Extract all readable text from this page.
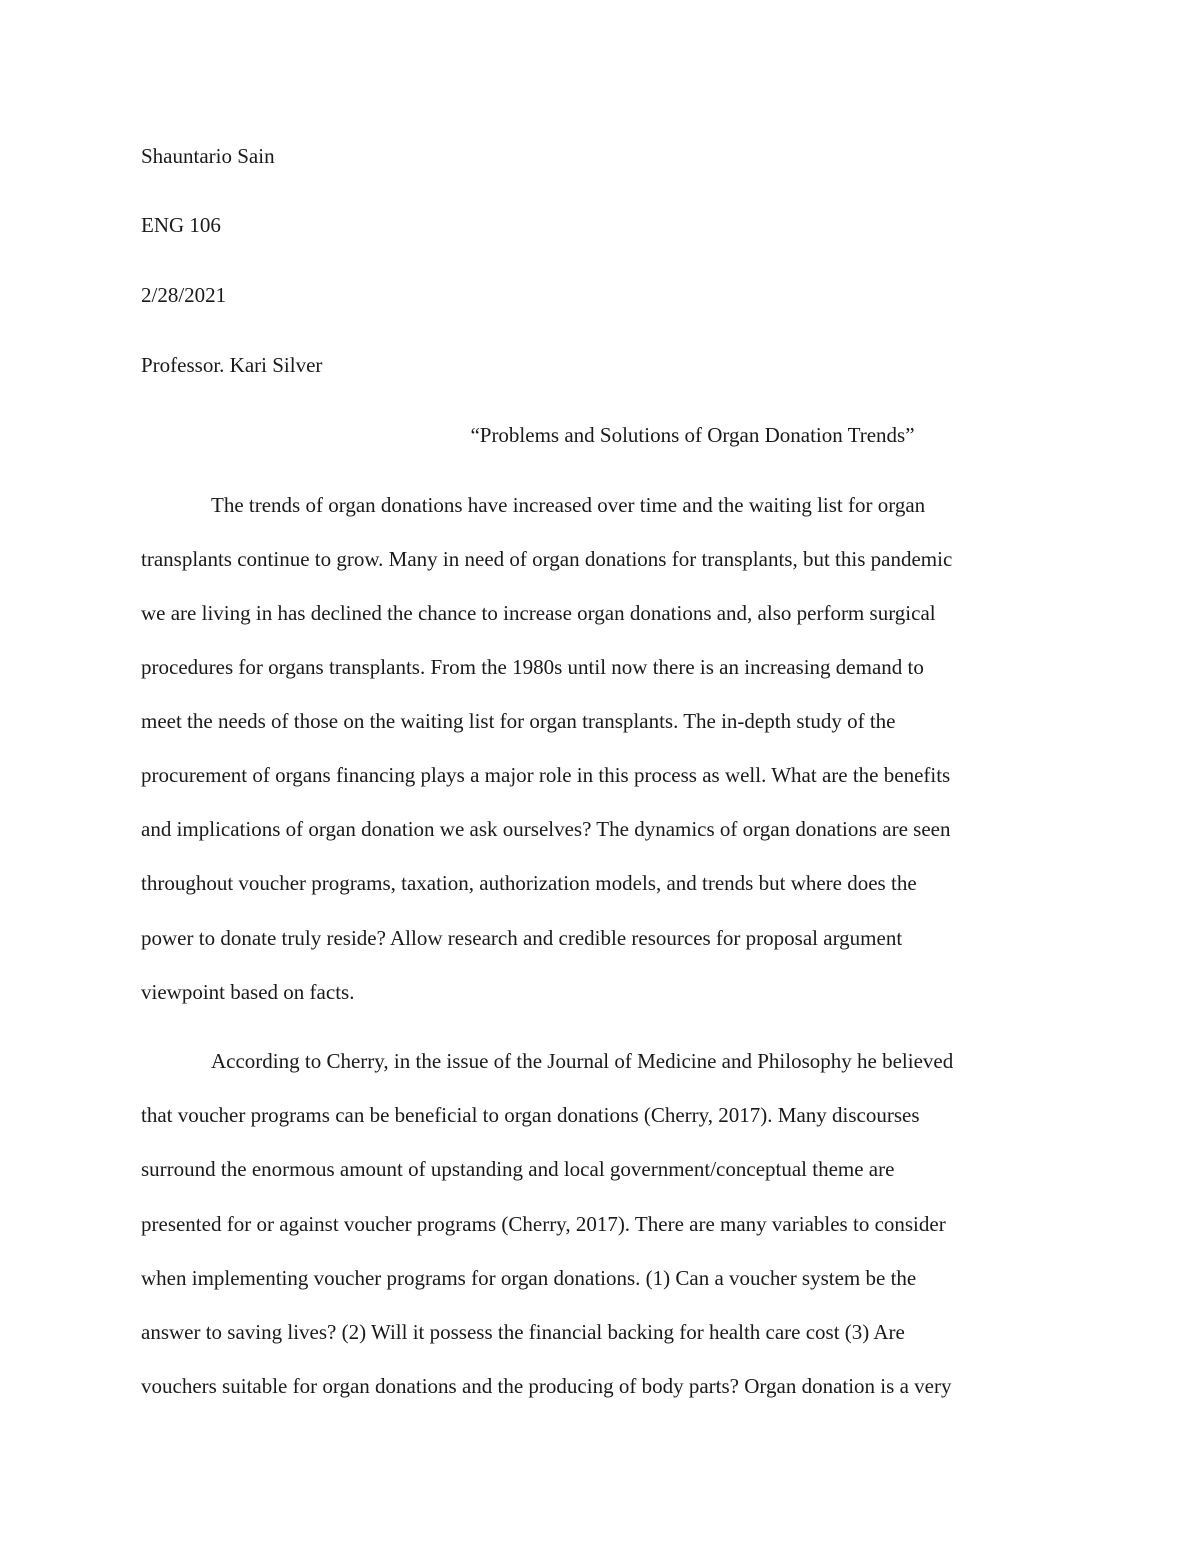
Shauntario Sain
ENG 106
2/28/2021
Professor. Kari Silver
“Problems and Solutions of Organ Donation Trends”
The trends of organ donations have increased over time and the waiting list for organ
transplants continue to grow. Many in need of organ donations for transplants, but this pandemic
we are living in has declined the chance to increase organ donations and, also perform surgical
procedures for organs transplants. From the 1980s until now there is an increasing demand to
meet the needs of those on the waiting list for organ transplants. The in-depth study of the
procurement of organs financing plays a major role in this process as well. What are the benefits
and implications of organ donation we ask ourselves? The dynamics of organ donations are seen
throughout voucher programs, taxation, authorization models, and trends but where does the
power to donate truly reside? Allow research and credible resources for proposal argument
viewpoint based on facts.
According to Cherry, in the issue of the Journal of Medicine and Philosophy he believed
that voucher programs can be beneficial to organ donations (Cherry, 2017). Many discourses
surround the enormous amount of upstanding and local government/conceptual theme are
presented for or against voucher programs (Cherry, 2017). There are many variables to consider
when implementing voucher programs for organ donations. (1) Can a voucher system be the
answer to saving lives? (2) Will it possess the financial backing for health care cost (3) Are
vouchers suitable for organ donations and the producing of body parts? Organ donation is a very
